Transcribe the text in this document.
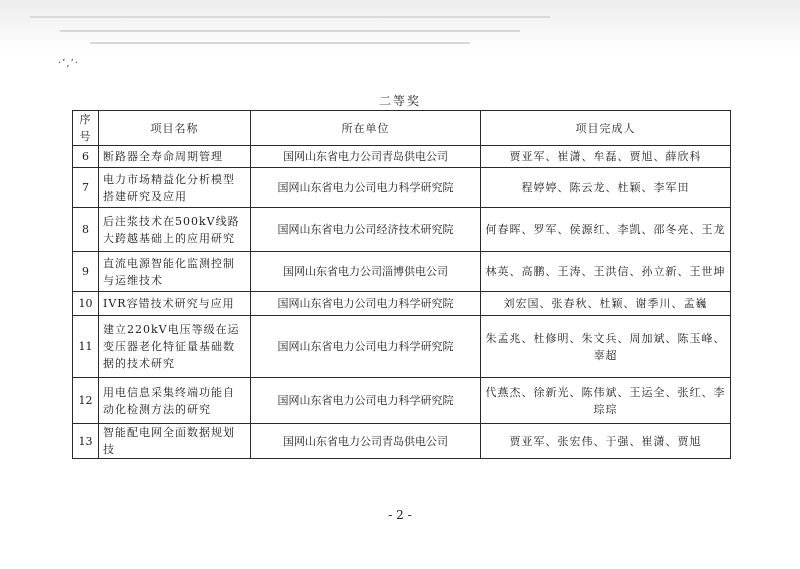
·ʻ,ʻ·
二等奖
序号	项目名称	所在单位	项目完成人
6	断路器全寿命周期管理	国网山东省电力公司青岛供电公司	贾亚军、崔潇、牟磊、贾旭、薛欣科
7	电力市场精益化分析模型搭建研究及应用	国网山东省电力公司电力科学研究院	程婷婷、陈云龙、杜颖、李军田
8	后注浆技术在500kV线路大跨越基础上的应用研究	国网山东省电力公司经济技术研究院	何春晖、罗军、侯源红、李凯、邵冬亮、王龙
9	直流电源智能化监测控制与运维技术	国网山东省电力公司淄博供电公司	林英、高鹏、王涛、王洪信、孙立新、王世坤
10	IVR容错技术研究与应用	国网山东省电力公司电力科学研究院	刘宏国、张春秋、杜颖、谢季川、孟巍
11	建立220kV电压等级在运变压器老化特征量基础数据的技术研究	国网山东省电力公司电力科学研究院	朱孟兆、杜修明、朱文兵、周加斌、陈玉峰、辜超
12	用电信息采集终端功能自动化检测方法的研究	国网山东省电力公司电力科学研究院	代燕杰、徐新光、陈伟斌、王运全、张红、李琮琮
13	智能配电网全面数据规划技	国网山东省电力公司青岛供电公司	贾亚军、张宏伟、于强、崔潇、贾旭
- 2 -
